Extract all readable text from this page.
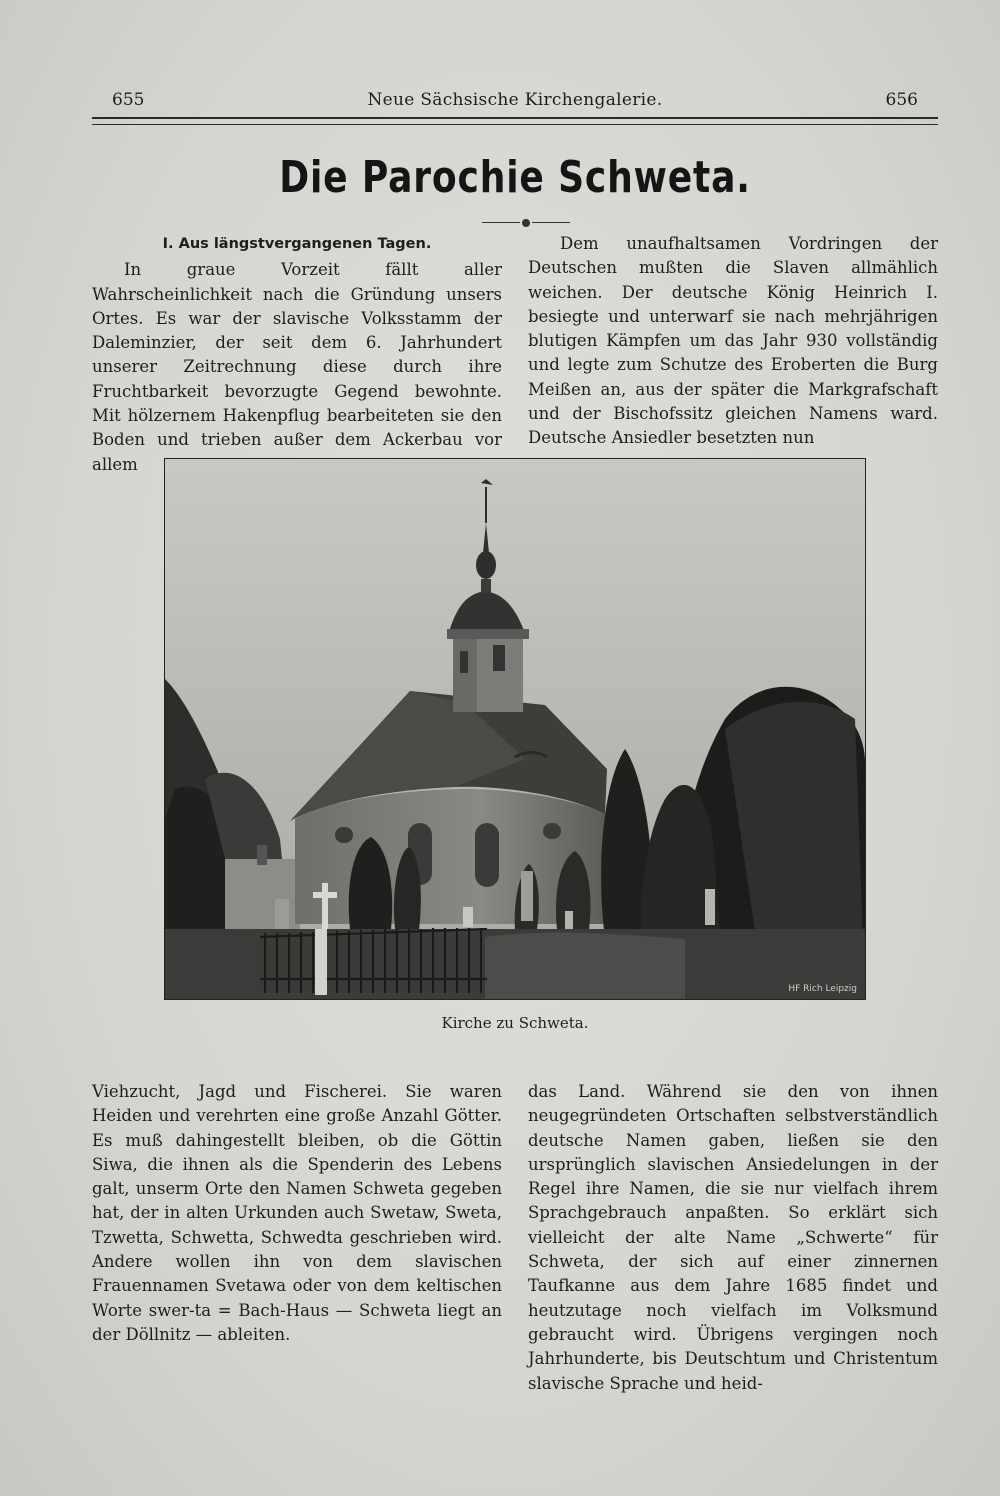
655	Neue Sächsische Kirchengalerie.	656
Die Parochie Schweta.

I. Aus längstvergangenen Tagen.

In graue Vorzeit fällt aller Wahrscheinlichkeit nach die Gründung unsers Ortes. Es war der slavische Volksstamm der Daleminzier, der seit dem 6. Jahrhundert unserer Zeitrechnung diese durch ihre Fruchtbarkeit bevorzugte Gegend bewohnte. Mit hölzernem Hakenpflug bearbeiteten sie den Boden und trieben außer dem Ackerbau vor allem

Dem unaufhaltsamen Vordringen der Deutschen mußten die Slaven allmählich weichen. Der deutsche König Heinrich I. besiegte und unterwarf sie nach mehrjährigen blutigen Kämpfen um das Jahr 930 vollständig und legte zum Schutze des Eroberten die Burg Meißen an, aus der später die Markgrafschaft und der Bischofssitz gleichen Namens ward. Deutsche Ansiedler besetzten nun

HF Rich Leipzig
Kirche zu Schweta.

Viehzucht, Jagd und Fischerei. Sie waren Heiden und verehrten eine große Anzahl Götter. Es muß dahingestellt bleiben, ob die Göttin Siwa, die ihnen als die Spenderin des Lebens galt, unserm Orte den Namen Schweta gegeben hat, der in alten Urkunden auch Swetaw, Sweta, Tzwetta, Schwetta, Schwedta geschrieben wird. Andere wollen ihn von dem slavischen Frauennamen Svetawa oder von dem keltischen Worte swer-ta = Bach-Haus — Schweta liegt an der Döllnitz — ableiten.

das Land. Während sie den von ihnen neugegründeten Ortschaften selbstverständlich deutsche Namen gaben, ließen sie den ursprünglich slavischen Ansiedelungen in der Regel ihre Namen, die sie nur vielfach ihrem Sprachgebrauch anpaßten. So erklärt sich vielleicht der alte Name „Schwerte“ für Schweta, der sich auf einer zinnernen Taufkanne aus dem Jahre 1685 findet und heutzutage noch vielfach im Volksmund gebraucht wird. Übrigens vergingen noch Jahrhunderte, bis Deutschtum und Christentum slavische Sprache und heid-
